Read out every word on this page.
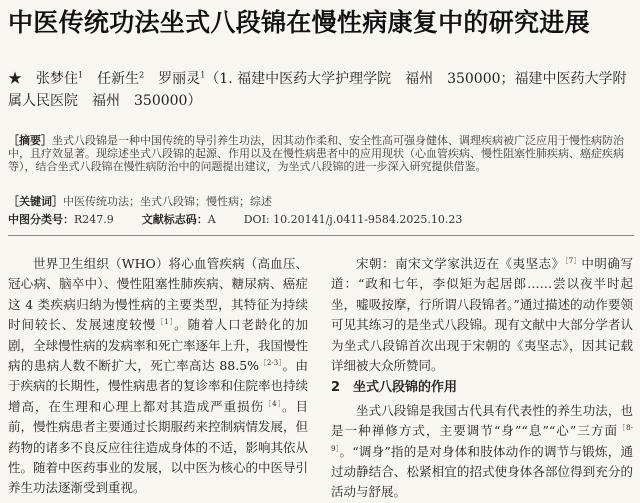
中医传统功法坐式八段锦在慢性病康复中的研究进展
★　张梦住$^1$　任新生$^2$　罗丽灵$^1$（1. 福建中医药大学护理学院　福州　350000；福建中医药大学附属人民医院　福州　350000）
［摘要］坐式八段锦是一种中国传统的导引养生功法，因其动作柔和、安全性高可强身健体、调理疾病被广泛应用于慢性病防治中，且疗效显著。现综述坐式八段锦的起源、作用以及在慢性病患者中的应用现状（心血管疾病、慢性阻塞性肺疾病、癌症疾病等），结合坐式八段锦在慢性病防治中的问题提出建议，为坐式八段锦的进一步深入研究提供借鉴。
［关键词］中医传统功法；坐式八段锦；慢性病；综述
中图分类号：R247.9	文献标志码：A	DOI: 10.20141/j.0411-9584.2025.10.23

世界卫生组织（WHO）将心血管疾病（高血压、冠心病、脑卒中）、慢性阻塞性肺疾病、糖尿病、癌症这 4 类疾病归纳为慢性病的主要类型，其特征为持续时间较长、发展速度较慢$^{[1]}$。随着人口老龄化的加剧，全球慢性病的发病率和死亡率逐年上升，我国慢性病的患病人数不断扩大，死亡率高达 88.5%$^{[2-3]}$。由于疾病的长期性，慢性病患者的复诊率和住院率也持续增高，在生理和心理上都对其造成严重损伤$^{[4]}$。目前，慢性病患者主要通过长期服药来控制病情发展，但药物的诸多不良反应往往造成身体的不适，影响其依从性。随着中医药事业的发展，以中医为核心的中医导引养生功法逐渐受到重视。

宋朝：南宋文学家洪迈在《夷坚志》$^{[7]}$中明确写道：“政和七年，李似矩为起居郎……尝以夜半时起坐，嘘吸按摩，行所谓八段锦者。”通过描述的动作要领可见其练习的是坐式八段锦。现有文献中大部分学者认为坐式八段锦首次出现于宋朝的《夷坚志》，因其记载详细被大众所赞同。

2 坐式八段锦的作用

坐式八段锦是我国古代具有代表性的养生功法，也是一种禅修方式，主要调节“身”“息”“心”三方面$^{[8-9]}$。“调身”指的是对身体和肢体动作的调节与锻炼，通过动静结合、松紧相宜的招式使身体各部位得到充分的活动与舒展。
